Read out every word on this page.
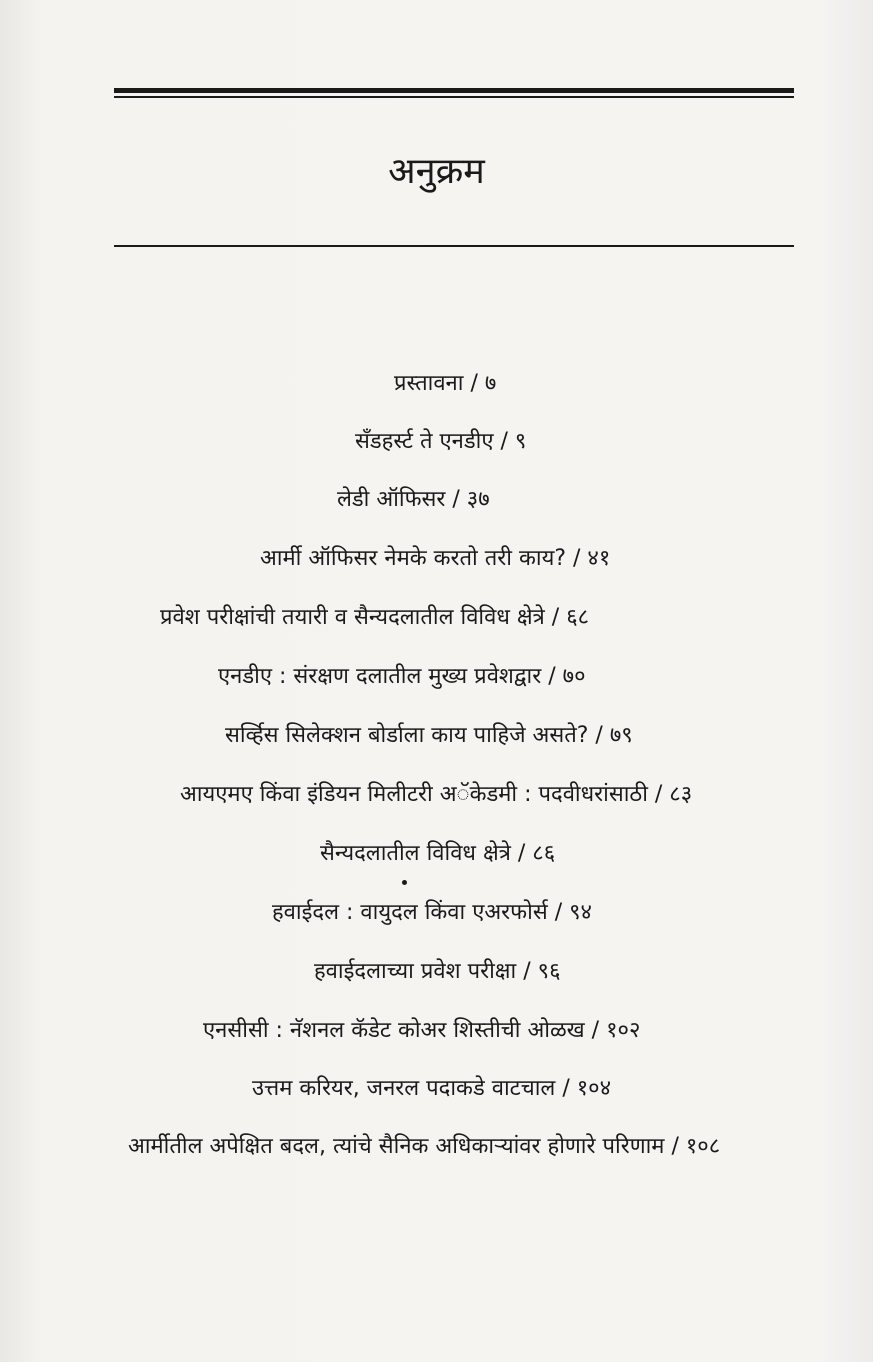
अनुक्रम
प्रस्तावना / ७
सँडहर्स्ट ते एनडीए / ९
लेडी ऑफिसर / ३७
आर्मी ऑफिसर नेमके करतो तरी काय? / ४१
प्रवेश परीक्षांची तयारी व सैन्यदलातील विविध क्षेत्रे / ६८
एनडीए : संरक्षण दलातील मुख्य प्रवेशद्वार / ७०
सर्व्हिस सिलेक्शन बोर्डाला काय पाहिजे असते? / ७९
आयएमए किंवा इंडियन मिलीटरी अॅकेडमी : पदवीधरांसाठी / ८३
सैन्यदलातील विविध क्षेत्रे / ८६
हवाईदल : वायुदल किंवा एअरफोर्स / ९४
हवाईदलाच्या प्रवेश परीक्षा / ९६
एनसीसी : नॅशनल कॅडेट कोअर शिस्तीची ओळख / १०२
उत्तम करियर, जनरल पदाकडे वाटचाल / १०४
आर्मीतील अपेक्षित बदल, त्यांचे सैनिक अधिकाऱ्यांवर होणारे परिणाम / १०८
